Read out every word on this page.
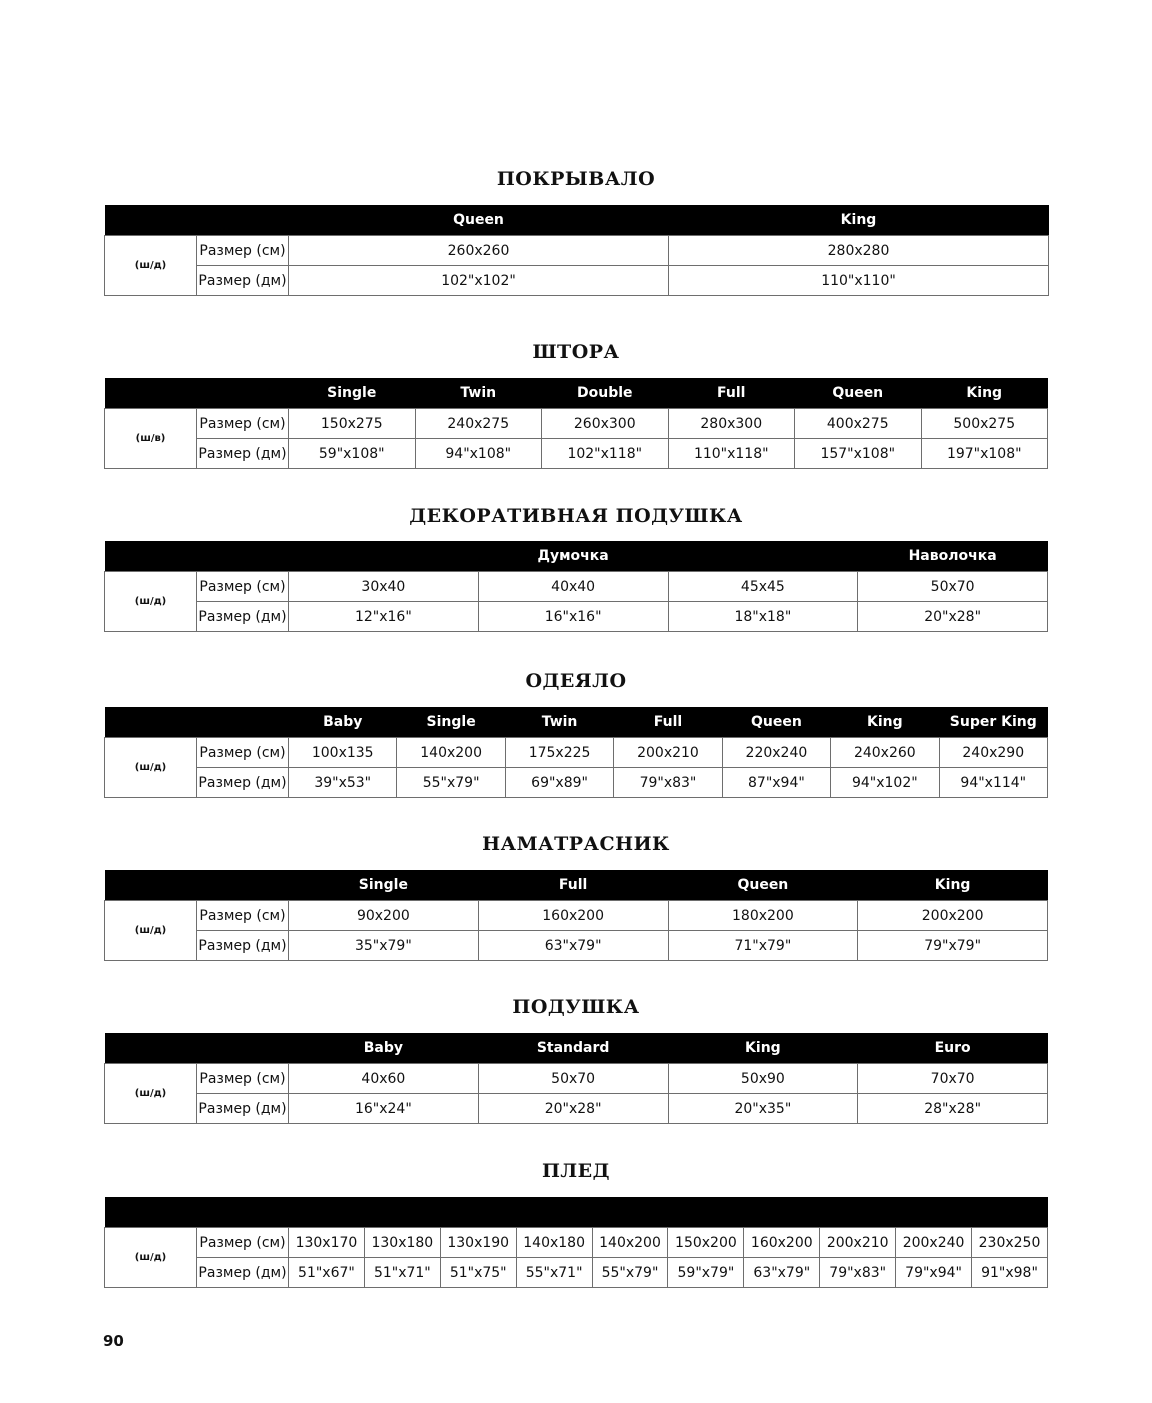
ПОКРЫВАЛО
		Queen	King
(ш/д)	Размер (см)	260x260	280x280
	Размер (дм)	102"x102"	110"x110"
ШТОРА
		Single	Twin	Double	Full	Queen	King
(ш/в)	Размер (см)	150x275	240x275	260x300	280x300	400x275	500x275
	Размер (дм)	59"x108"	94"x108"	102"x118"	110"x118"	157"x108"	197"x108"
ДЕКОРАТИВНАЯ ПОДУШКА
		Думочка			Наволочка
(ш/д)	Размер (см)	30x40	40x40	45x45	50x70
	Размер (дм)	12"x16"	16"x16"	18"x18"	20"x28"
ОДЕЯЛО
		Baby	Single	Twin	Full	Queen	King	Super King
(ш/д)	Размер (см)	100x135	140x200	175x225	200x210	220x240	240x260	240x290
	Размер (дм)	39"x53"	55"x79"	69"x89"	79"x83"	87"x94"	94"x102"	94"x114"
НАМАТРАСНИК
		Single	Full	Queen	King
(ш/д)	Размер (см)	90x200	160x200	180x200	200x200
	Размер (дм)	35"x79"	63"x79"	71"x79"	79"x79"
ПОДУШКА
		Baby	Standard	King	Euro
(ш/д)	Размер (см)	40x60	50x70	50x90	70x70
	Размер (дм)	16"x24"	20"x28"	20"x35"	28"x28"
ПЛЕД

(ш/д)	Размер (см)	130x170	130x180	130x190	140x180	140x200	150x200	160x200	200x210	200x240	230x250
	Размер (дм)	51"x67"	51"x71"	51"x75"	55"x71"	55"x79"	59"x79"	63"x79"	79"x83"	79"x94"	91"x98"
90
